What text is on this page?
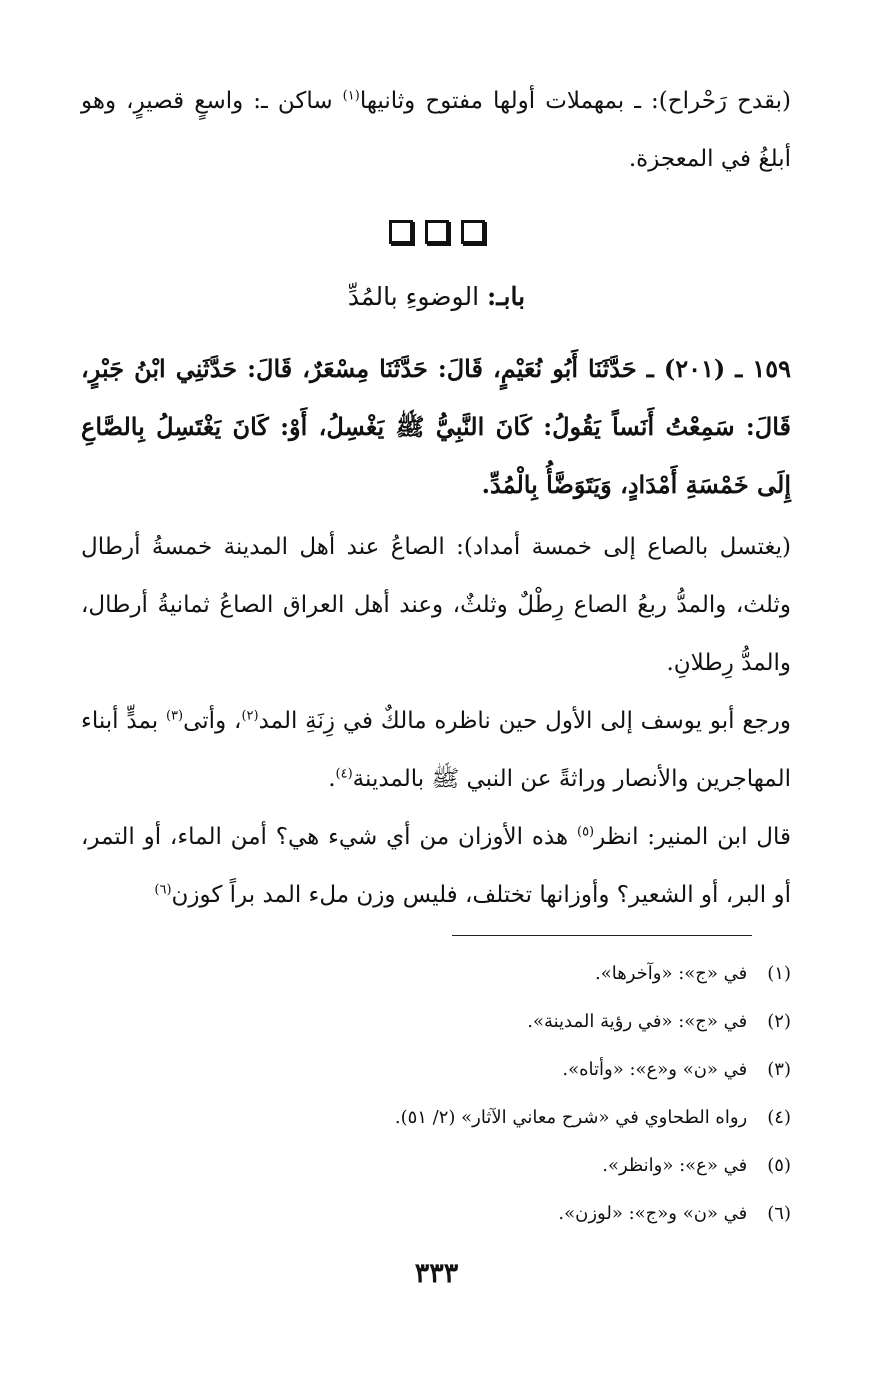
(بقدح رَحْراح): ـ بمهملات أولها مفتوح وثانيها$^{(١)}$ ساكن ـ: واسعٍ قصيرٍ، وهو أبلغُ في المعجزة.

بابـ: الوضوءِ بالمُدِّ

١٥٩ ـ (٢٠١) ـ حَدَّثَنَا أَبُو نُعَيْمٍ، قَالَ: حَدَّثَنَا مِسْعَرٌ، قَالَ: حَدَّثَنِي ابْنُ جَبْرٍ، قَالَ: سَمِعْتُ أَنَساً يَقُولُ: كَانَ النَّبِيُّ ﷺ يَغْسِلُ، أَوْ: كَانَ يَغْتَسِلُ بِالصَّاعِ إِلَى خَمْسَةِ أَمْدَادٍ، وَيَتَوَضَّأُ بِالْمُدِّ.

(يغتسل بالصاع إلى خمسة أمداد): الصاعُ عند أهل المدينة خمسةُ أرطال وثلث، والمدُّ ربعُ الصاع رِطْلٌ وثلثٌ، وعند أهل العراق الصاعُ ثمانيةُ أرطال، والمدُّ رِطلانِ.

ورجع أبو يوسف إلى الأول حين ناظره مالكٌ في زِنَةِ المد$^{(٢)}$، وأتى$^{(٣)}$ بمدٍّ أبناء المهاجرين والأنصار وراثةً عن النبي ﷺ بالمدينة$^{(٤)}$.

قال ابن المنير: انظر$^{(٥)}$ هذه الأوزان من أي شيء هي؟ أمن الماء، أو التمر، أو البر، أو الشعير؟ وأوزانها تختلف، فليس وزن ملء المد براً كوزن$^{(٦)}$

(١) في «ج»: «وآخرها».
(٢) في «ج»: «في رؤية المدينة».
(٣) في «ن» و«ع»: «وأتاه».
(٤) رواه الطحاوي في «شرح معاني الآثار» (٢/ ٥١).
(٥) في «ع»: «وانظر».
(٦) في «ن» و«ج»: «لوزن».
٣٣٣
